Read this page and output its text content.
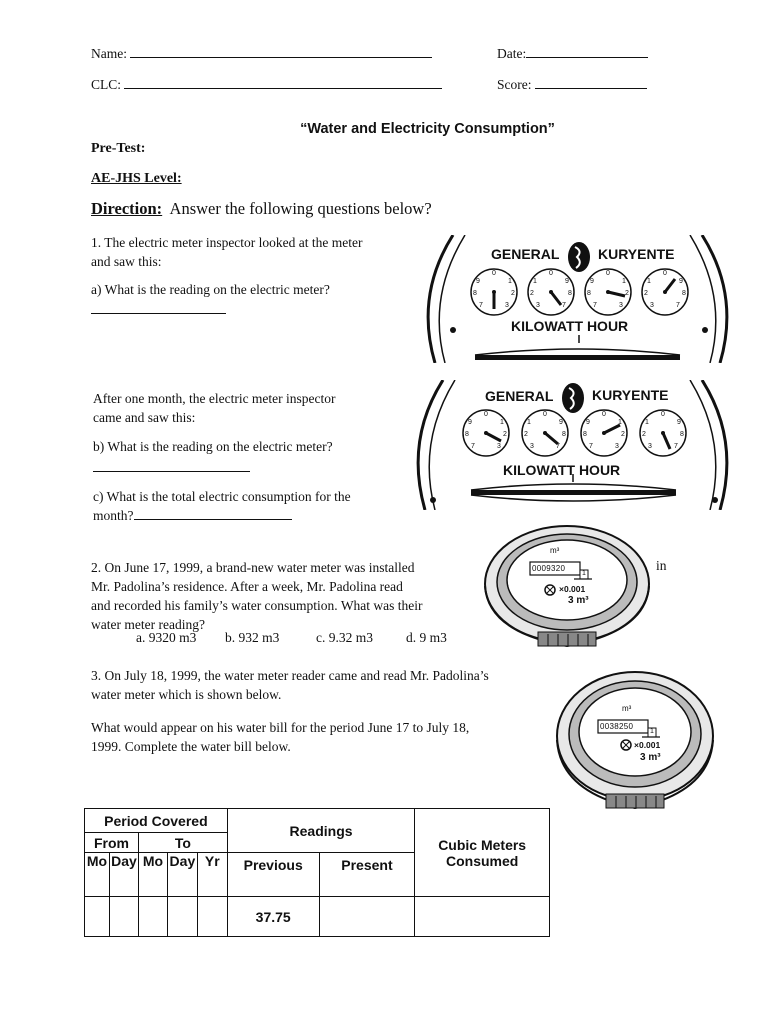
Name:	Date:
CLC:	Score:
“Water and Electricity Consumption”
Pre-Test:
AE-JHS Level:
Direction: Answer the following questions below?
1. The electric meter inspector looked at the meter
and saw this:
a) What is the reading on the electric meter?
After one month, the electric meter inspector
came and saw this:
b) What is the reading on the electric meter?
c) What is the total electric consumption for the
month?
GENERAL	KURYENTE
KILOWATT HOUR
0
1
2
3
7
8
9
0
1
2
3	7
8
9
0
1
2
3
7
8
9
0
1
2
3	7
8
9
GENERAL	KURYENTE
KILOWATT HOUR
0
1
2
3
7
8
9
0
1
2
3	7
8
9
0
1
2
3
7
8
9
0
1
2
3	7
8
9
2. On June 17, 1999, a brand-new water meter was installed
Mr. Padolina’s residence. After a week, Mr. Padolina read
and recorded his family’s water consumption. What was their
water meter reading?
in
a. 9320 m3 b. 932 m3	c. 9.32 m3 d. 9 m3
m³
0009320
1
×0.001
3 m³
3. On July 18, 1999, the water meter reader came and read Mr. Padolina’s
water meter which is shown below.
What would appear on his water bill for the period June 17 to July 18,
1999. Complete the water bill below.
m³
0038250
1
×0.001
3 m³
Period Covered					Readings		Cubic Meters
Consumed

From		To					
Mo	Day	Mo	Day	Yr	Previous	Present	
					37.75		
